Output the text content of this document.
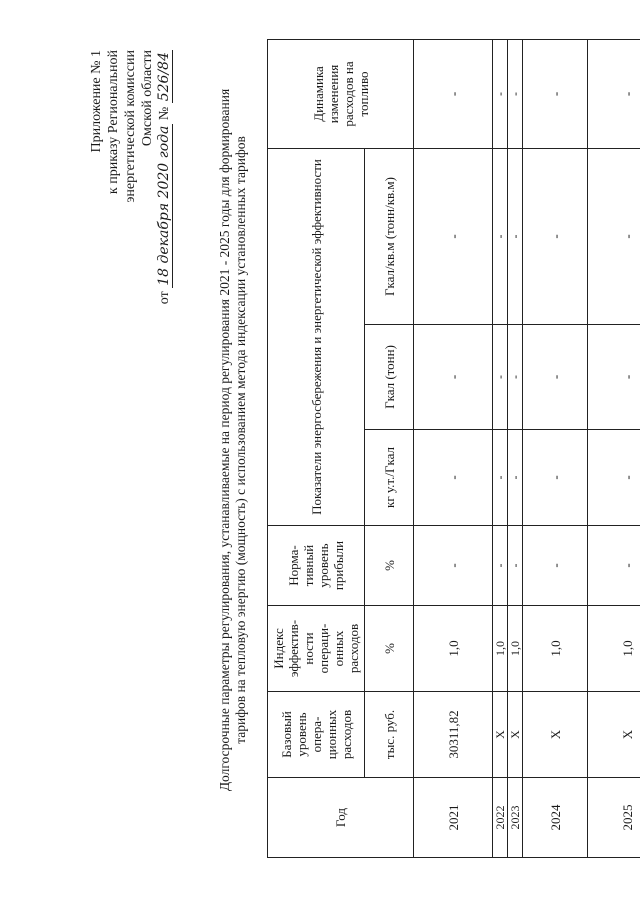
Приложение № 1 к приказу Региональной энергетической комиссии Омской области
от 18 декабря 2020 года № 526/84
Долгосрочные параметры регулирования, устанавливаемые на период регулирования 2021 - 2025 годы для формирования тарифов на тепловую энергию (мощность) с использованием метода индексации установленных тарифов
Год	Базовый уровень опера-ционных расходов	Индекс эффектив-ности операци-онных расходов	Норма-тивный уровень прибыли	Показатели энергосбережения и энергетической эффективности			Динамика изменения расходов на топливо
	тыс. руб.	%	%	кг у.т./Гкал	Гкал (тонн)	Гкал/кв.м (тонн/кв.м)	
2021	30311,82	1,0	-	-	-	-	-
2022	Х	1,0	-	-	-	-	-
2023	Х	1,0	-	-	-	-	-
2024	Х	1,0	-	-	-	-	-
2025	Х	1,0	-	-	-	-	-
